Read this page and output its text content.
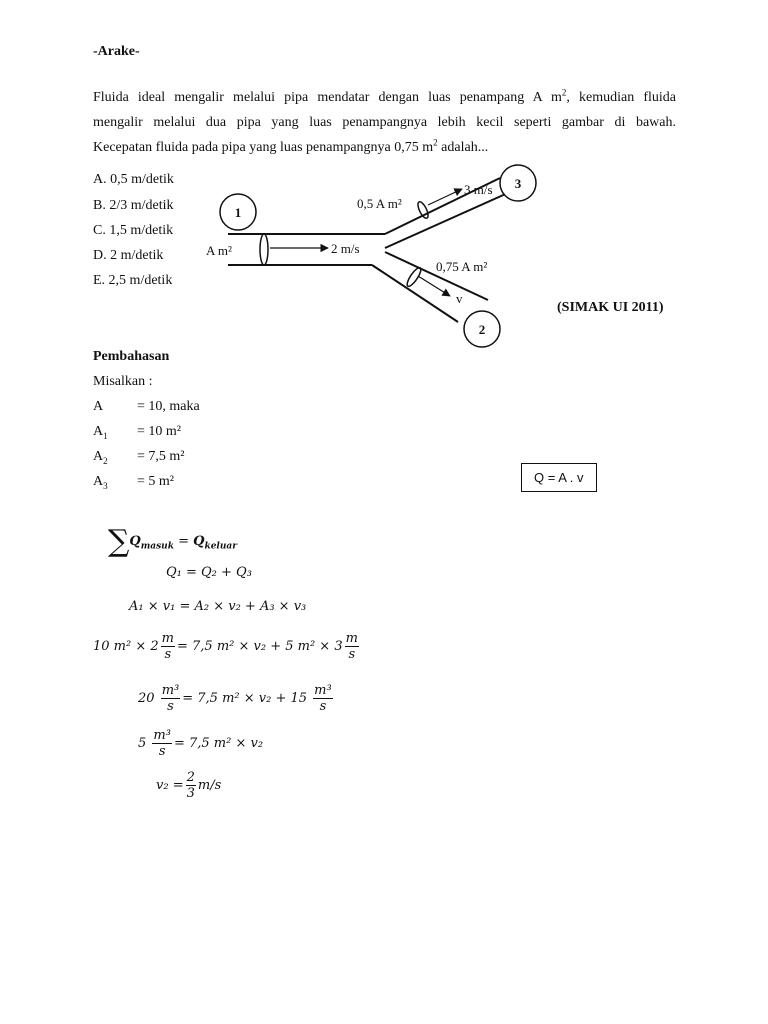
-Arake-
Fluida ideal mengalir melalui pipa mendatar dengan luas penampang A $m^2$, kemudian fluida
mengalir melalui dua pipa yang luas penampangnya lebih kecil seperti gambar di bawah.
Kecepatan fluida pada pipa yang luas penampangnya 0,75 $m^2$ adalah...
A. 0,5 m/detik
B. 2/3 m/detik
C. 1,5 m/detik
D. 2 m/detik
E. 2,5 m/detik
1
3
2
A m²	2 m/s
0,5 A m²
3 m/s
0,75 A m²
v
(SIMAK UI 2011)
Pembahasan
Misalkan :
A = 10, maka
$A_1 = 10$ m²
$A_2 = 7,5$ m²
$A_3 = 5$ m²	Q = A . v
$\sum Q_{masuk} = Q_{keluar}$
Q₁ = Q₂ + Q₃
A₁ × v₁ = A₂ × v₂ + A₃ × v₃
10 $m^2 \times 2 \frac{m}{s} = 7,5$ m² × v₂ + 5 $m^2 \times 3 \frac{m}{s}$
20
$\frac{\text{m³}}{s} = 7,5$ m² × v₂ + 15
$\frac{\text{m³}}{s}$
5
$\frac{\text{m³}}{s} = 7,5$ m² × v₂
$v_2 = \frac{2}{3} m/s$
